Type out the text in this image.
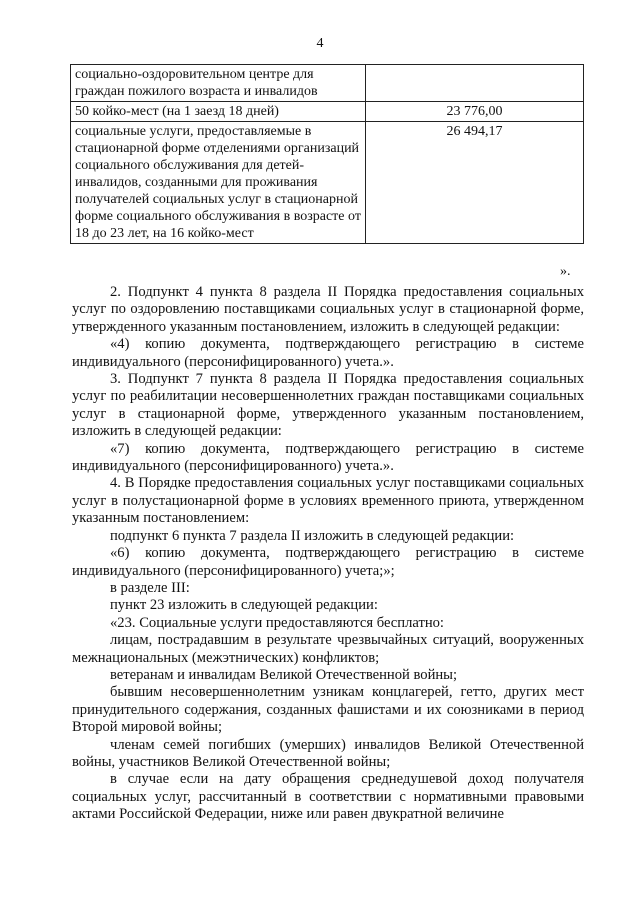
4
социально-оздоровительном центре для граждан пожилого возраста и инвалидов	
50 койко-мест (на 1 заезд 18 дней)	23 776,00
социальные услуги, предоставляемые в стационарной форме отделениями организаций социального обслуживания для детей-инвалидов, созданными для проживания получателей социальных услуг в стационарной форме социального обслуживания в возрасте от 18 до 23 лет, на 16 койко-мест	26 494,17
».

2. Подпункт 4 пункта 8 раздела II Порядка предоставления социальных услуг по оздоровлению поставщиками социальных услуг в стационарной форме, утвержденного указанным постановлением, изложить в следующей редакции:

«4) копию документа, подтверждающего регистрацию в системе индивидуального (персонифицированного) учета.».

3. Подпункт 7 пункта 8 раздела II Порядка предоставления социальных услуг по реабилитации несовершеннолетних граждан поставщиками социальных услуг в стационарной форме, утвержденного указанным постановлением, изложить в следующей редакции:

«7) копию документа, подтверждающего регистрацию в системе индивидуального (персонифицированного) учета.».

4. В Порядке предоставления социальных услуг поставщиками социальных услуг в полустационарной форме в условиях временного приюта, утвержденном указанным постановлением:

подпункт 6 пункта 7 раздела II изложить в следующей редакции:

«6) копию документа, подтверждающего регистрацию в системе индивидуального (персонифицированного) учета;»;

в разделе III:

пункт 23 изложить в следующей редакции:

«23. Социальные услуги предоставляются бесплатно:

лицам, пострадавшим в результате чрезвычайных ситуаций, вооруженных межнациональных (межэтнических) конфликтов;

ветеранам и инвалидам Великой Отечественной войны;

бывшим несовершеннолетним узникам концлагерей, гетто, других мест принудительного содержания, созданных фашистами и их союзниками в период Второй мировой войны;

членам семей погибших (умерших) инвалидов Великой Отечественной войны, участников Великой Отечественной войны;

в случае если на дату обращения среднедушевой доход получателя социальных услуг, рассчитанный в соответствии с нормативными правовыми актами Российской Федерации, ниже или равен двукратной величине
